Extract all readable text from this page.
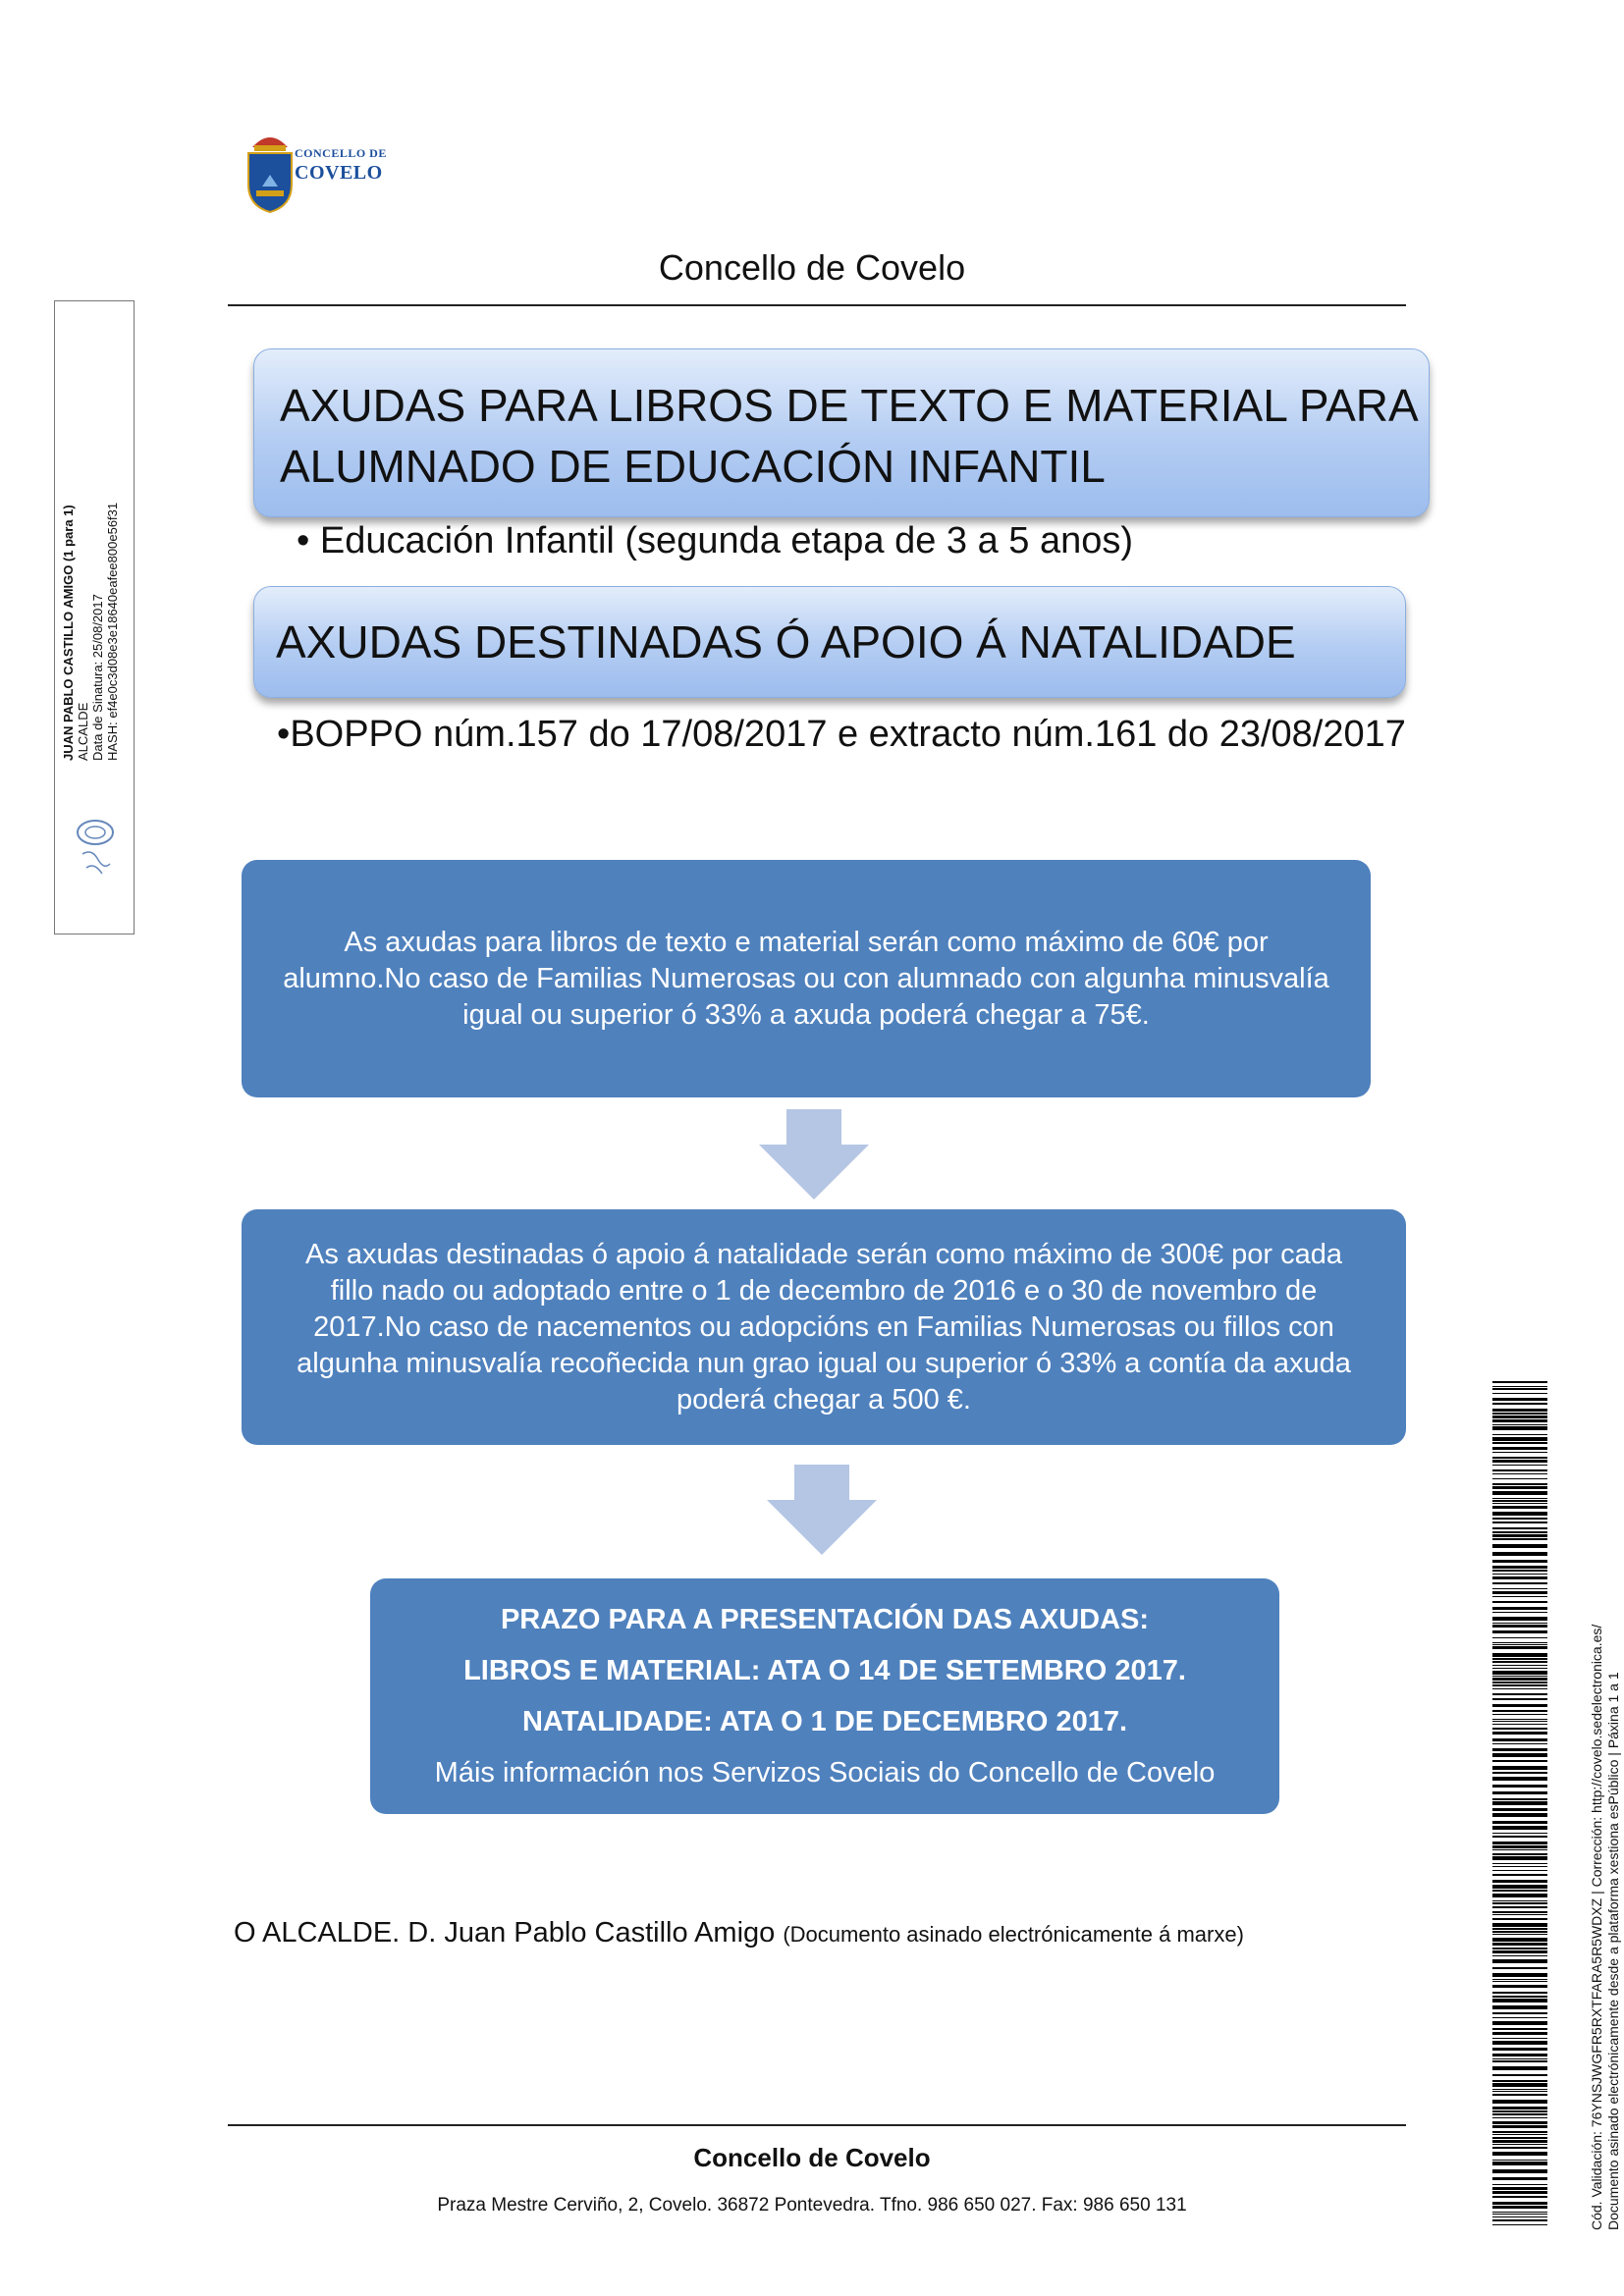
CONCELLO DE
COVELO
Concello de Covelo
JUAN PABLO CASTILLO AMIGO (1 para 1) ALCALDE Data de Sinatura: 25/08/2017 HASH: ef4e0c3d08e3e18640eafee800e56f31
AXUDAS PARA LIBROS DE TEXTO E MATERIAL PARA
ALUMNADO DE EDUCACIÓN INFANTIL
• Educación Infantil (segunda etapa de 3 a 5 anos)
AXUDAS DESTINADAS Ó APOIO Á NATALIDADE
•BOPPO núm.157 do 17/08/2017 e extracto núm.161 do 23/08/2017
As axudas para libros de texto e material serán como máximo de 60€ por
alumno.No caso de Familias Numerosas ou con alumnado con algunha minusvalía
igual ou superior ó 33% a axuda poderá chegar a 75€.
As axudas destinadas ó apoio á natalidade serán como máximo de 300€ por cada
fillo nado ou adoptado entre o 1 de decembro de 2016 e o 30 de novembro de
2017.No caso de nacementos ou adopcións en Familias Numerosas ou fillos con
algunha minusvalía recoñecida nun grao igual ou superior ó 33% a contía da axuda
poderá chegar a 500 €.
PRAZO PARA A PRESENTACIÓN DAS AXUDAS:
LIBROS E MATERIAL: ATA O 14 DE SETEMBRO 2017.
NATALIDADE: ATA O 1 DE DECEMBRO 2017.
Máis información nos Servizos Sociais do Concello de Covelo
O ALCALDE. D. Juan Pablo Castillo Amigo (Documento asinado electrónicamente á marxe)
Concello de Covelo
Praza Mestre Cerviño, 2, Covelo. 36872 Pontevedra. Tfno. 986 650 027. Fax: 986 650 131	Cód. Validación: 76YNSJWGFR5RXTFARA5R5WDXZ | Corrección: http://covelo.sedelectronica.es/ Documento asinado electrónicamente desde a plataforma xestiona esPúblico | Páxina 1 a 1
